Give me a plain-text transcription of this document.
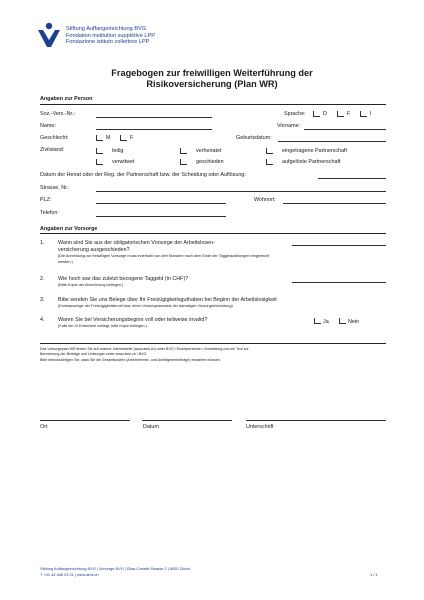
Stiftung Auffangeinrichtung BVG
Fondation institution supplétive LPP
Fondazione istituto collettore LPP
Fragebogen zur freiwilligen Weiterführung der
Risikoversicherung (Plan WR)
Angaben zur Person
Soz.-Vers.-Nr.:	Sprache:	D	F	I
Name:	Vorname:
Geschlecht:	M	F	Geburtsdatum:
Zivilstand:	ledig	verheiratet	eingetragene Partnerschaft
verwitwet	geschieden	aufgelöste Partnerschaft
Datum der Heirat oder der Reg. der Partnerschaft bzw. der Scheidung oder Auflösung:
Strasse, Nr.:
PLZ:	Wohnort:
Telefon:
Angaben zur Vorsorge
1.	Wann sind Sie aus der obligatorischen Vorsorge der Arbeitslosen-
versicherung ausgeschieden?
(Die Anmeldung zur freiwilligen Vorsorge muss innerhalb von drei Monaten nach dem Ende der Taggeldzahlungen eingereicht
werden.)
2.	Wie hoch war das zuletzt bezogene Taggeld (in CHF)?
(Bitte Kopie der Abrechnung beilegen.)
3.	Bitte senden Sie uns Belege über Ihr Freizügigkeitsguthaben bei Beginn der Arbeitslosigkeit
(Kontoauszüge der Freizügigkeitskonti bzw. einen Vorsorgeausweis der damaligen Vorsorgeeinrichtung)
4.	Waren Sie bei Versicherungsbeginn voll oder teilweise invalid?	Ja	Nein
(Falls ein IV-Entscheid vorliegt, bitte Kopie beilegen.)
Das Vorsorgeplan WR finden Sie auf unserer Internetseite (www.aeis.ch) unter BVG / Einzelpersonen / Anmeldung und ein Tool zur
Berechnung der Beiträge und Leistungen unter www.aeis.ch / BVG.
Bitte berücksichtigen Sie, dass Sie die Gesamtkosten (Arbeitnehmer- und Arbeitgeberbeiträge) bezahlen müssen.
Ort	Datum	Unterschrift
Stiftung Auffangeinrichtung BVG | Vorsorge BVG | Elias-Canetti-Strasse 2 | 8050 Zürich
T +41 44 468 23 01 | www.aeis.ch	1 / 1
